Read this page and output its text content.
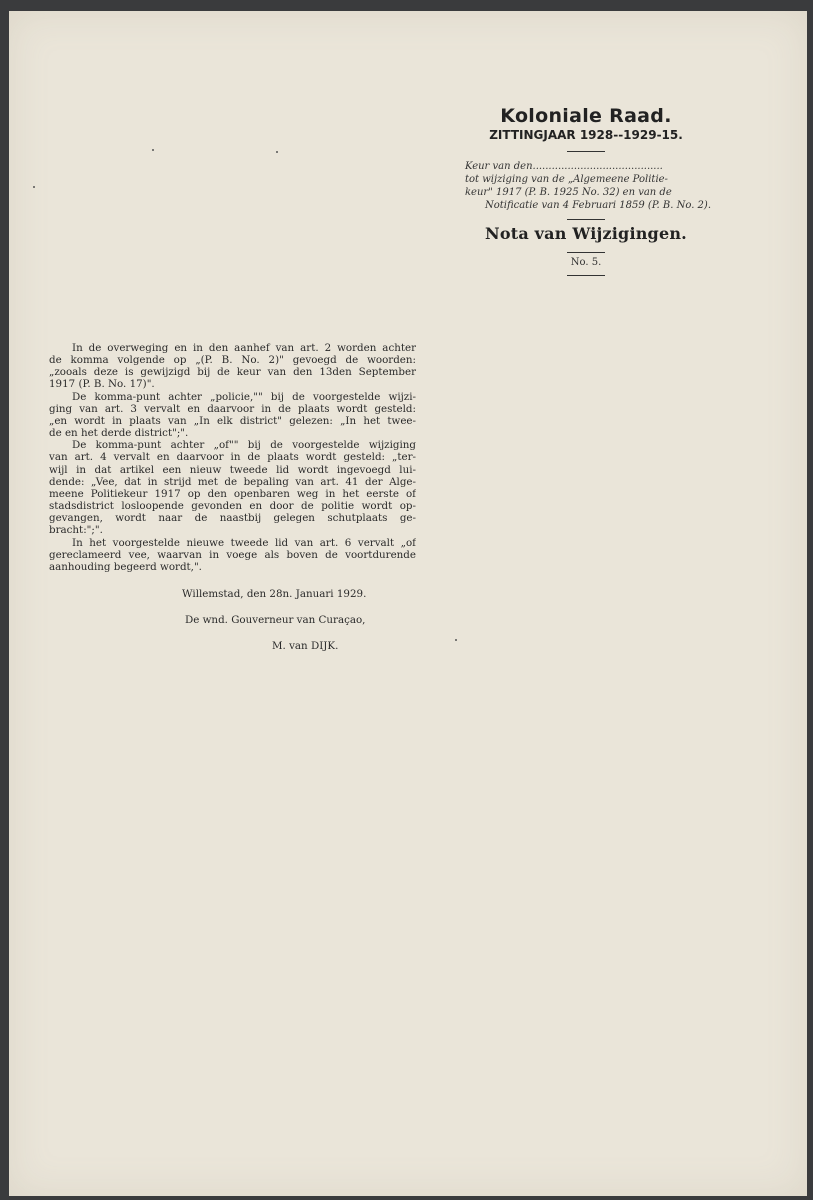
Koloniale Raad.
ZITTINGJAAR 1928--1929-15.
Keur van den.........................................
tot wijziging van de „Algemeene Politie-
keur" 1917 (P. B. 1925 No. 32) en van de
Notificatie van 4 Februari 1859 (P. B. No. 2).
Nota van Wijzigingen.
No. 5.
In de overweging en in den aanhef van art. 2 worden achter
de komma volgende op „(P. B. No. 2)" gevoegd de woorden:
„zooals deze is gewijzigd bij de keur van den 13den September
1917 (P. B. No. 17)".
De komma-punt achter „policie,"" bij de voorgestelde wijzi-
ging van art. 3 vervalt en daarvoor in de plaats wordt gesteld:
„en wordt in plaats van „In elk district" gelezen: „In het twee-
de en het derde district";".
De komma-punt achter „of"" bij de voorgestelde wijziging
van art. 4 vervalt en daarvoor in de plaats wordt gesteld: „ter-
wijl in dat artikel een nieuw tweede lid wordt ingevoegd lui-
dende: „Vee, dat in strijd met de bepaling van art. 41 der Alge-
meene Politiekeur 1917 op den openbaren weg in het eerste of
stadsdistrict losloopende gevonden en door de politie wordt op-
gevangen, wordt naar de naastbij gelegen schutplaats ge-
bracht:";".
In het voorgestelde nieuwe tweede lid van art. 6 vervalt „of
gereclameerd vee, waarvan in voege als boven de voortdurende
aanhouding begeerd wordt,".
Willemstad, den 28n. Januari 1929.
De wnd. Gouverneur van Curaçao,
M. van DIJK.
